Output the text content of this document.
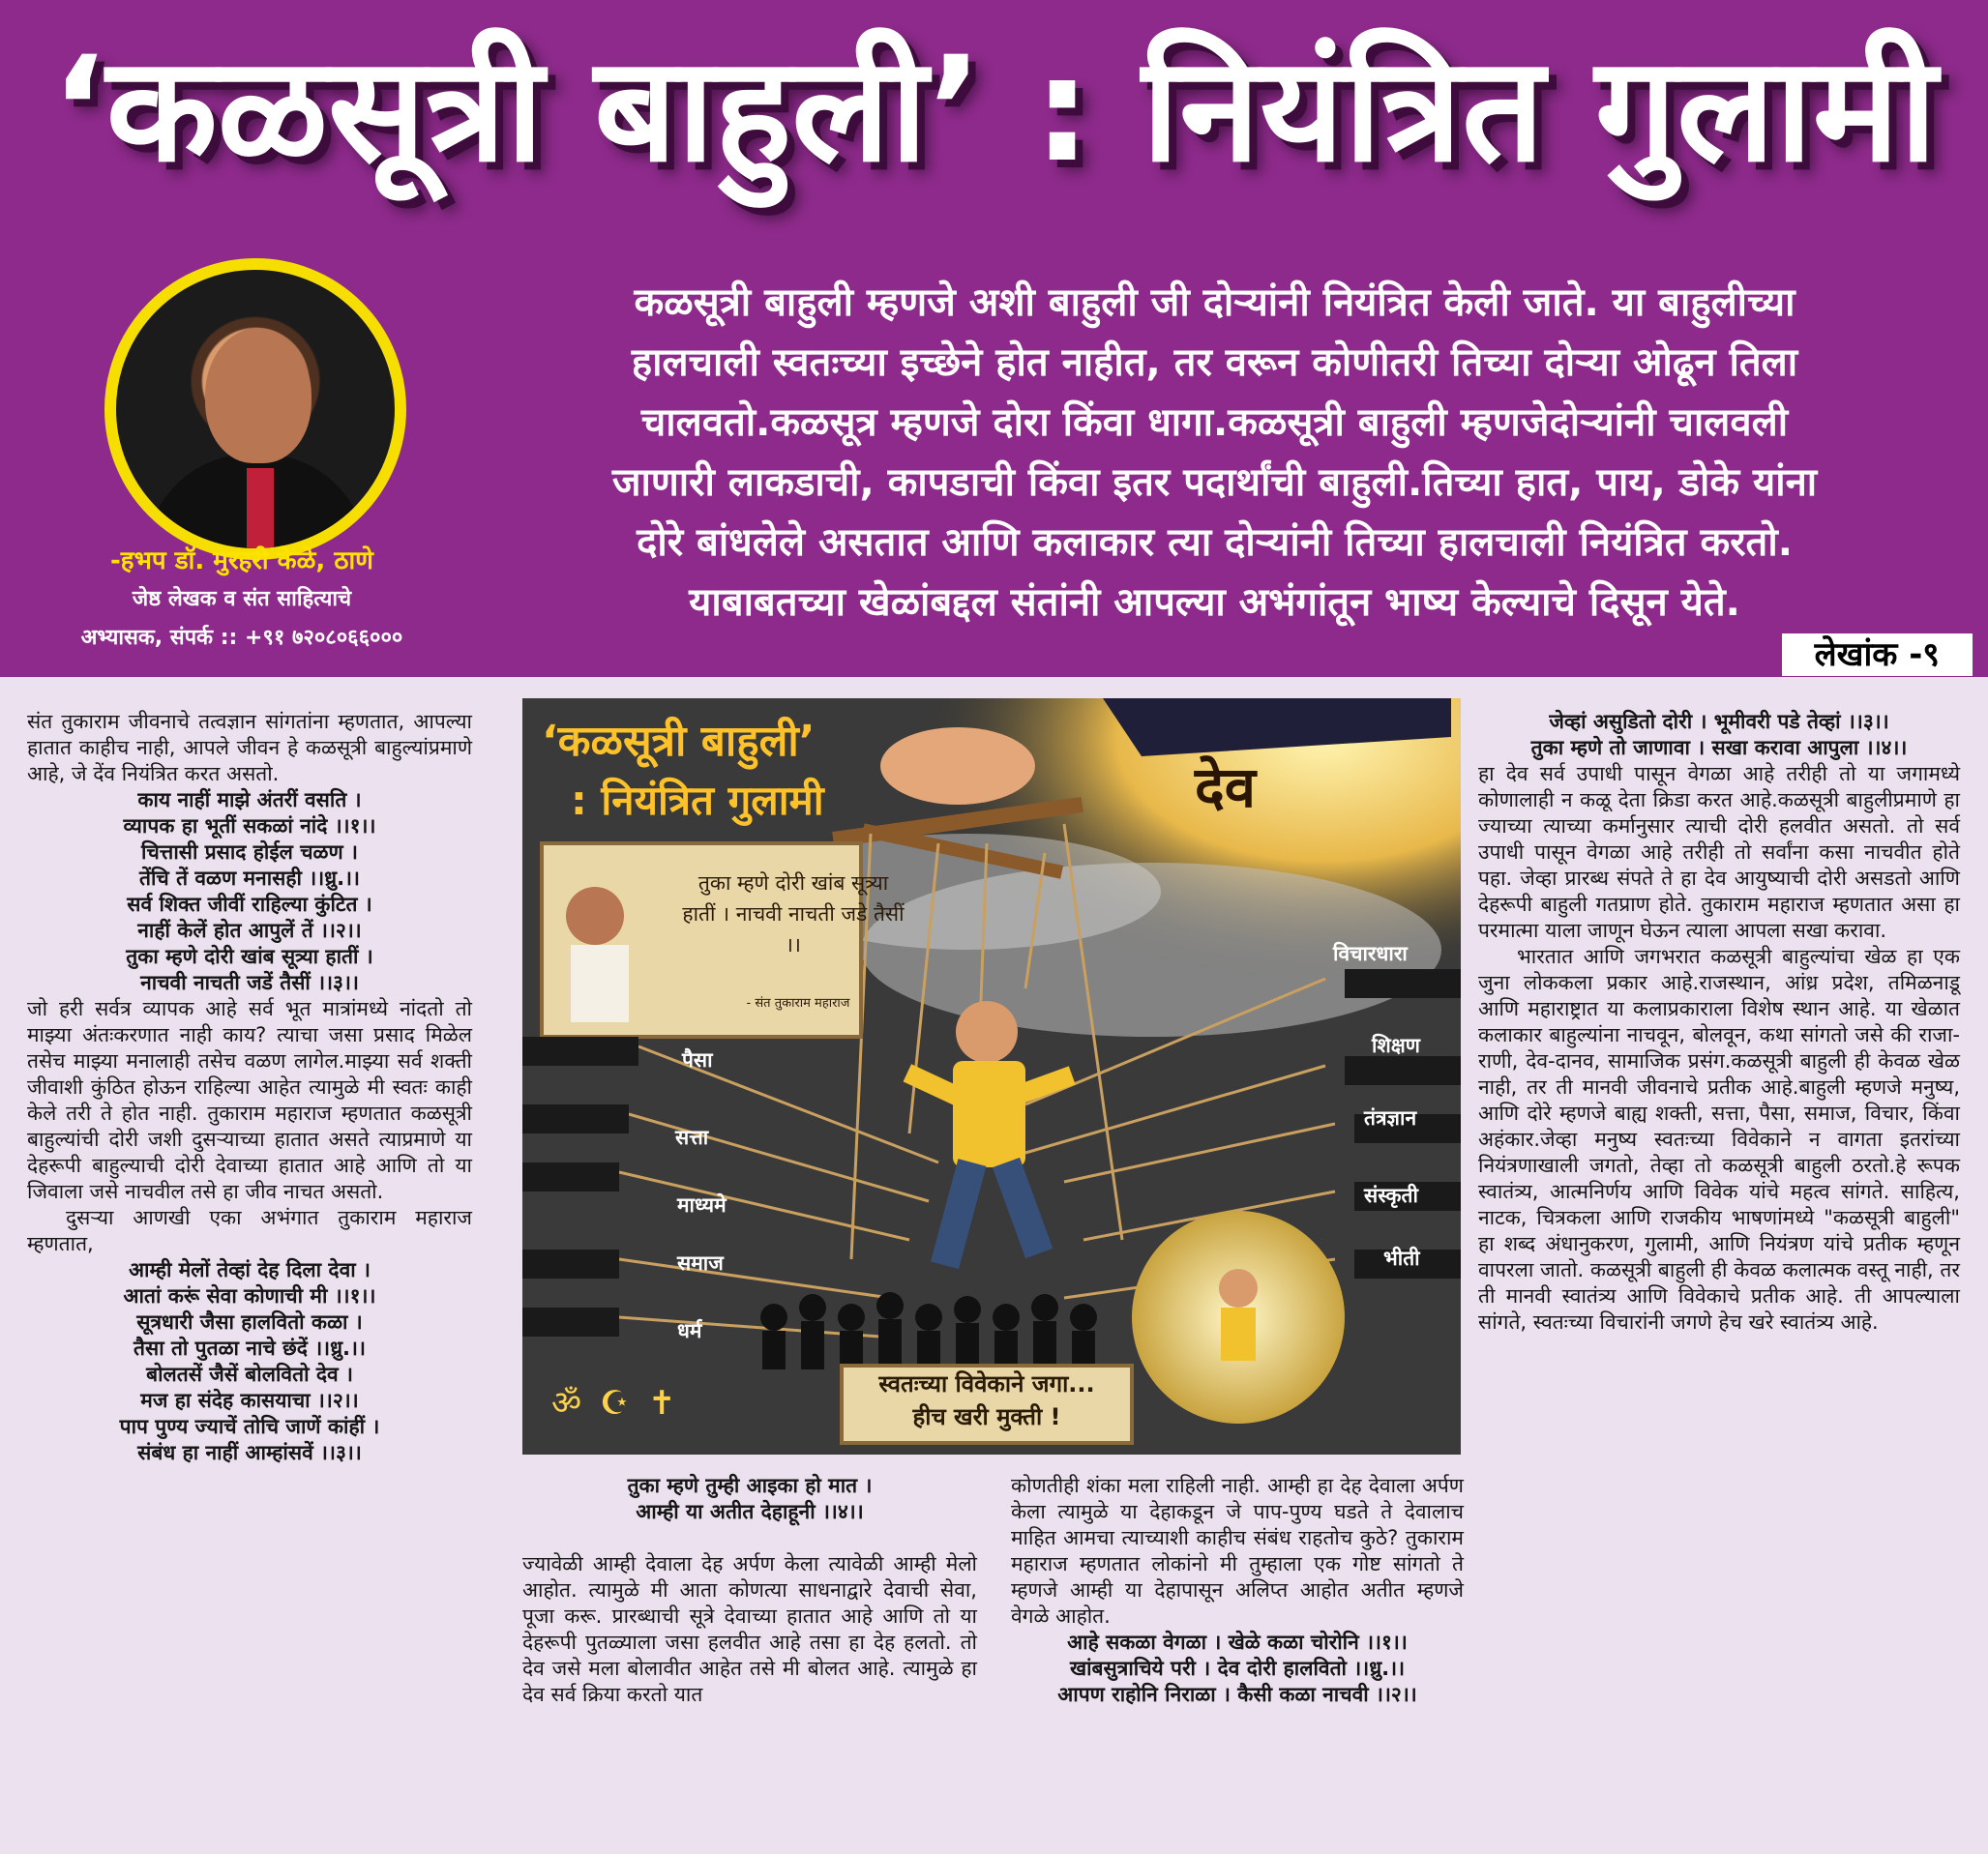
‘कळसूत्री बाहुली’ : नियंत्रित गुलामी
-हभप डॉ. मुरहरी केळे, ठाणे
जेष्ठ लेखक व संत साहित्याचे
अभ्यासक, संपर्क :: +९१ ७२०८०६६०००
कळसूत्री बाहुली म्हणजे अशी बाहुली जी दोऱ्यांनी नियंत्रित केली जाते. या बाहुलीच्या
हालचाली स्वतःच्या इच्छेने होत नाहीत, तर वरून कोणीतरी तिच्या दोऱ्या ओढून तिला
चालवतो.कळसूत्र म्हणजे दोरा किंवा धागा.कळसूत्री बाहुली म्हणजेदोऱ्यांनी चालवली
जाणारी लाकडाची, कापडाची किंवा इतर पदार्थांची बाहुली.तिच्या हात, पाय, डोके यांना
दोरे बांधलेले असतात आणि कलाकार त्या दोऱ्यांनी तिच्या हालचाली नियंत्रित करतो.
याबाबतच्या खेळांबद्दल संतांनी आपल्या अभंगांतून भाष्य केल्याचे दिसून येते.
लेखांक -९

संत तुकाराम जीवनाचे तत्वज्ञान सांगतांना म्हणतात, आपल्या हातात काहीच नाही, आपले जीवन हे कळसूत्री बाहुल्यांप्रमाणे आहे, जे देंव नियंत्रित करत असतो.

काय नाहीं माझे अंतरीं वसति ।

व्यापक हा भूतीं सकळां नांदे ।।१।।

चित्तासी प्रसाद होईल चळण ।

तेंचि तें वळण मनासही ।।ध्रु.।।

सर्व शिक्त जीवीं राहिल्या कुंटित ।

नाहीं केलें होत आपुलें तें ।।२।।

तुका म्हणे दोरी खांब सूत्र्या हातीं ।

नाचवी नाचती जडें तैसीं ।।३।।

जो हरी सर्वत्र व्यापक आहे सर्व भूत मात्रांमध्ये नांदतो तो माझ्या अंतःकरणात नाही काय? त्याचा जसा प्रसाद मिळेल तसेच माझ्या मनालाही तसेच वळण लागेल.माझ्या सर्व शक्ती जीवाशी कुंठित होऊन राहिल्या आहेत त्यामुळे मी स्वतः काही केले तरी ते होत नाही. तुकाराम महाराज म्हणतात कळसूत्री बाहुल्यांची दोरी जशी दुसऱ्याच्या हातात असते त्याप्रमाणे या देहरूपी बाहुल्याची दोरी देवाच्या हातात आहे आणि तो या जिवाला जसे नाचवील तसे हा जीव नाचत असतो.

दुसऱ्या आणखी एका अभंगात तुकाराम महाराज म्हणतात,

आम्ही मेलों तेव्हां देह दिला देवा ।

आतां करूं सेवा कोणाची मी ।।१।।

सूत्रधारी जैसा हालवितो कळा ।

तैसा तो पुतळा नाचे छंदें ।।ध्रु.।।

बोलतसें जैसें बोलवितो देव ।

मज हा संदेह कासयाचा ।।२।।

पाप पुण्य ज्याचें तोचि जाणें कांहीं ।

संबंध हा नाहीं आम्हांसवें ।।३।।

तुका म्हणे तुम्ही आइका हो मात ।

आम्ही या अतीत देहाहूनी ।।४।।

ज्यावेळी आम्ही देवाला देह अर्पण केला त्यावेळी आम्ही मेलो आहोत. त्यामुळे मी आता कोणत्या साधनाद्वारे देवाची सेवा, पूजा करू. प्रारब्धाची सूत्रे देवाच्या हातात आहे आणि तो या देहरूपी पुतळ्याला जसा हलवीत आहे तसा हा देह हलतो. तो देव जसे मला बोलावीत आहेत तसे मी बोलत आहे. त्यामुळे हा देव सर्व क्रिया करतो यात

कोणतीही शंका मला राहिली नाही. आम्ही हा देह देवाला अर्पण केला त्यामुळे या देहाकडून जे पाप-पुण्य घडते ते देवालाच माहित आमचा त्याच्याशी काहीच संबंध राहतोच कुठे? तुकाराम महाराज म्हणतात लोकांनो मी तुम्हाला एक गोष्ट सांगतो ते म्हणजे आम्ही या देहापासून अलिप्त आहोत अतीत म्हणजे वेगळे आहोत.

आहे सकळा वेगळा । खेळे कळा चोरोनि ।।१।।

खांबसुत्राचिये परी । देव दोरी हालवितो ।।ध्रु.।।

आपण राहोनि निराळा । कैसी कळा नाचवी ।।२।।

जेव्हां असुडितो दोरी । भूमीवरी पडे तेव्हां ।।३।।

तुका म्हणे तो जाणावा । सखा करावा आपुला ।।४।।

हा देव सर्व उपाधी पासून वेगळा आहे तरीही तो या जगामध्ये कोणालाही न कळू देता क्रिडा करत आहे.कळसूत्री बाहुलीप्रमाणे हा ज्याच्या त्याच्या कर्मानुसार त्याची दोरी हलवीत असतो. तो सर्व उपाधी पासून वेगळा आहे तरीही तो सर्वांना कसा नाचवीत होते पहा. जेव्हा प्रारब्ध संपते ते हा देव आयुष्याची दोरी असडतो आणि देहरूपी बाहुली गतप्राण होते. तुकाराम महाराज म्हणतात असा हा परमात्मा याला जाणून घेऊन त्याला आपला सखा करावा.

भारतात आणि जगभरात कळसूत्री बाहुल्यांचा खेळ हा एक जुना लोककला प्रकार आहे.राजस्थान, आंध्र प्रदेश, तमिळनाडू आणि महाराष्ट्रात या कलाप्रकाराला विशेष स्थान आहे. या खेळात कलाकार बाहुल्यांना नाचवून, बोलवून, कथा सांगतो जसे की राजा-राणी, देव-दानव, सामाजिक प्रसंग.कळसूत्री बाहुली ही केवळ खेळ नाही, तर ती मानवी जीवनाचे प्रतीक आहे.बाहुली म्हणजे मनुष्य, आणि दोरे म्हणजे बाह्य शक्ती, सत्ता, पैसा, समाज, विचार, किंवा अहंकार.जेव्हा मनुष्य स्वतःच्या विवेकाने न वागता इतरांच्या नियंत्रणाखाली जगतो, तेव्हा तो कळसूत्री बाहुली ठरतो.हे रूपक स्वातंत्र्य, आत्मनिर्णय आणि विवेक यांचे महत्व सांगते. साहित्य, नाटक, चित्रकला आणि राजकीय भाषणांमध्ये "कळसूत्री बाहुली" हा शब्द अंधानुकरण, गुलामी, आणि नियंत्रण यांचे प्रतीक म्हणून वापरला जातो. कळसूत्री बाहुली ही केवळ कलात्मक वस्तू नाही, तर ती मानवी स्वातंत्र्य आणि विवेकाचे प्रतीक आहे. ती आपल्याला सांगते, स्वतःच्या विचारांनी जगणे हेच खरे स्वातंत्र्य आहे.

ॐ ☪ ✝
‘कळसूत्री बाहुली’
: नियंत्रित गुलामी	देव
तुका म्हणे दोरी खांब सूत्र्या हातीं । नाचवी नाचती जडे तैसीं ।।
- संत तुकाराम महाराज
पैसा
सत्ता
माध्यमे
समाज
धर्म
विचारधारा
शिक्षण
तंत्रज्ञान
संस्कृती
भीती
स्वतःच्या विवेकाने जगा...
हीच खरी मुक्ती !
